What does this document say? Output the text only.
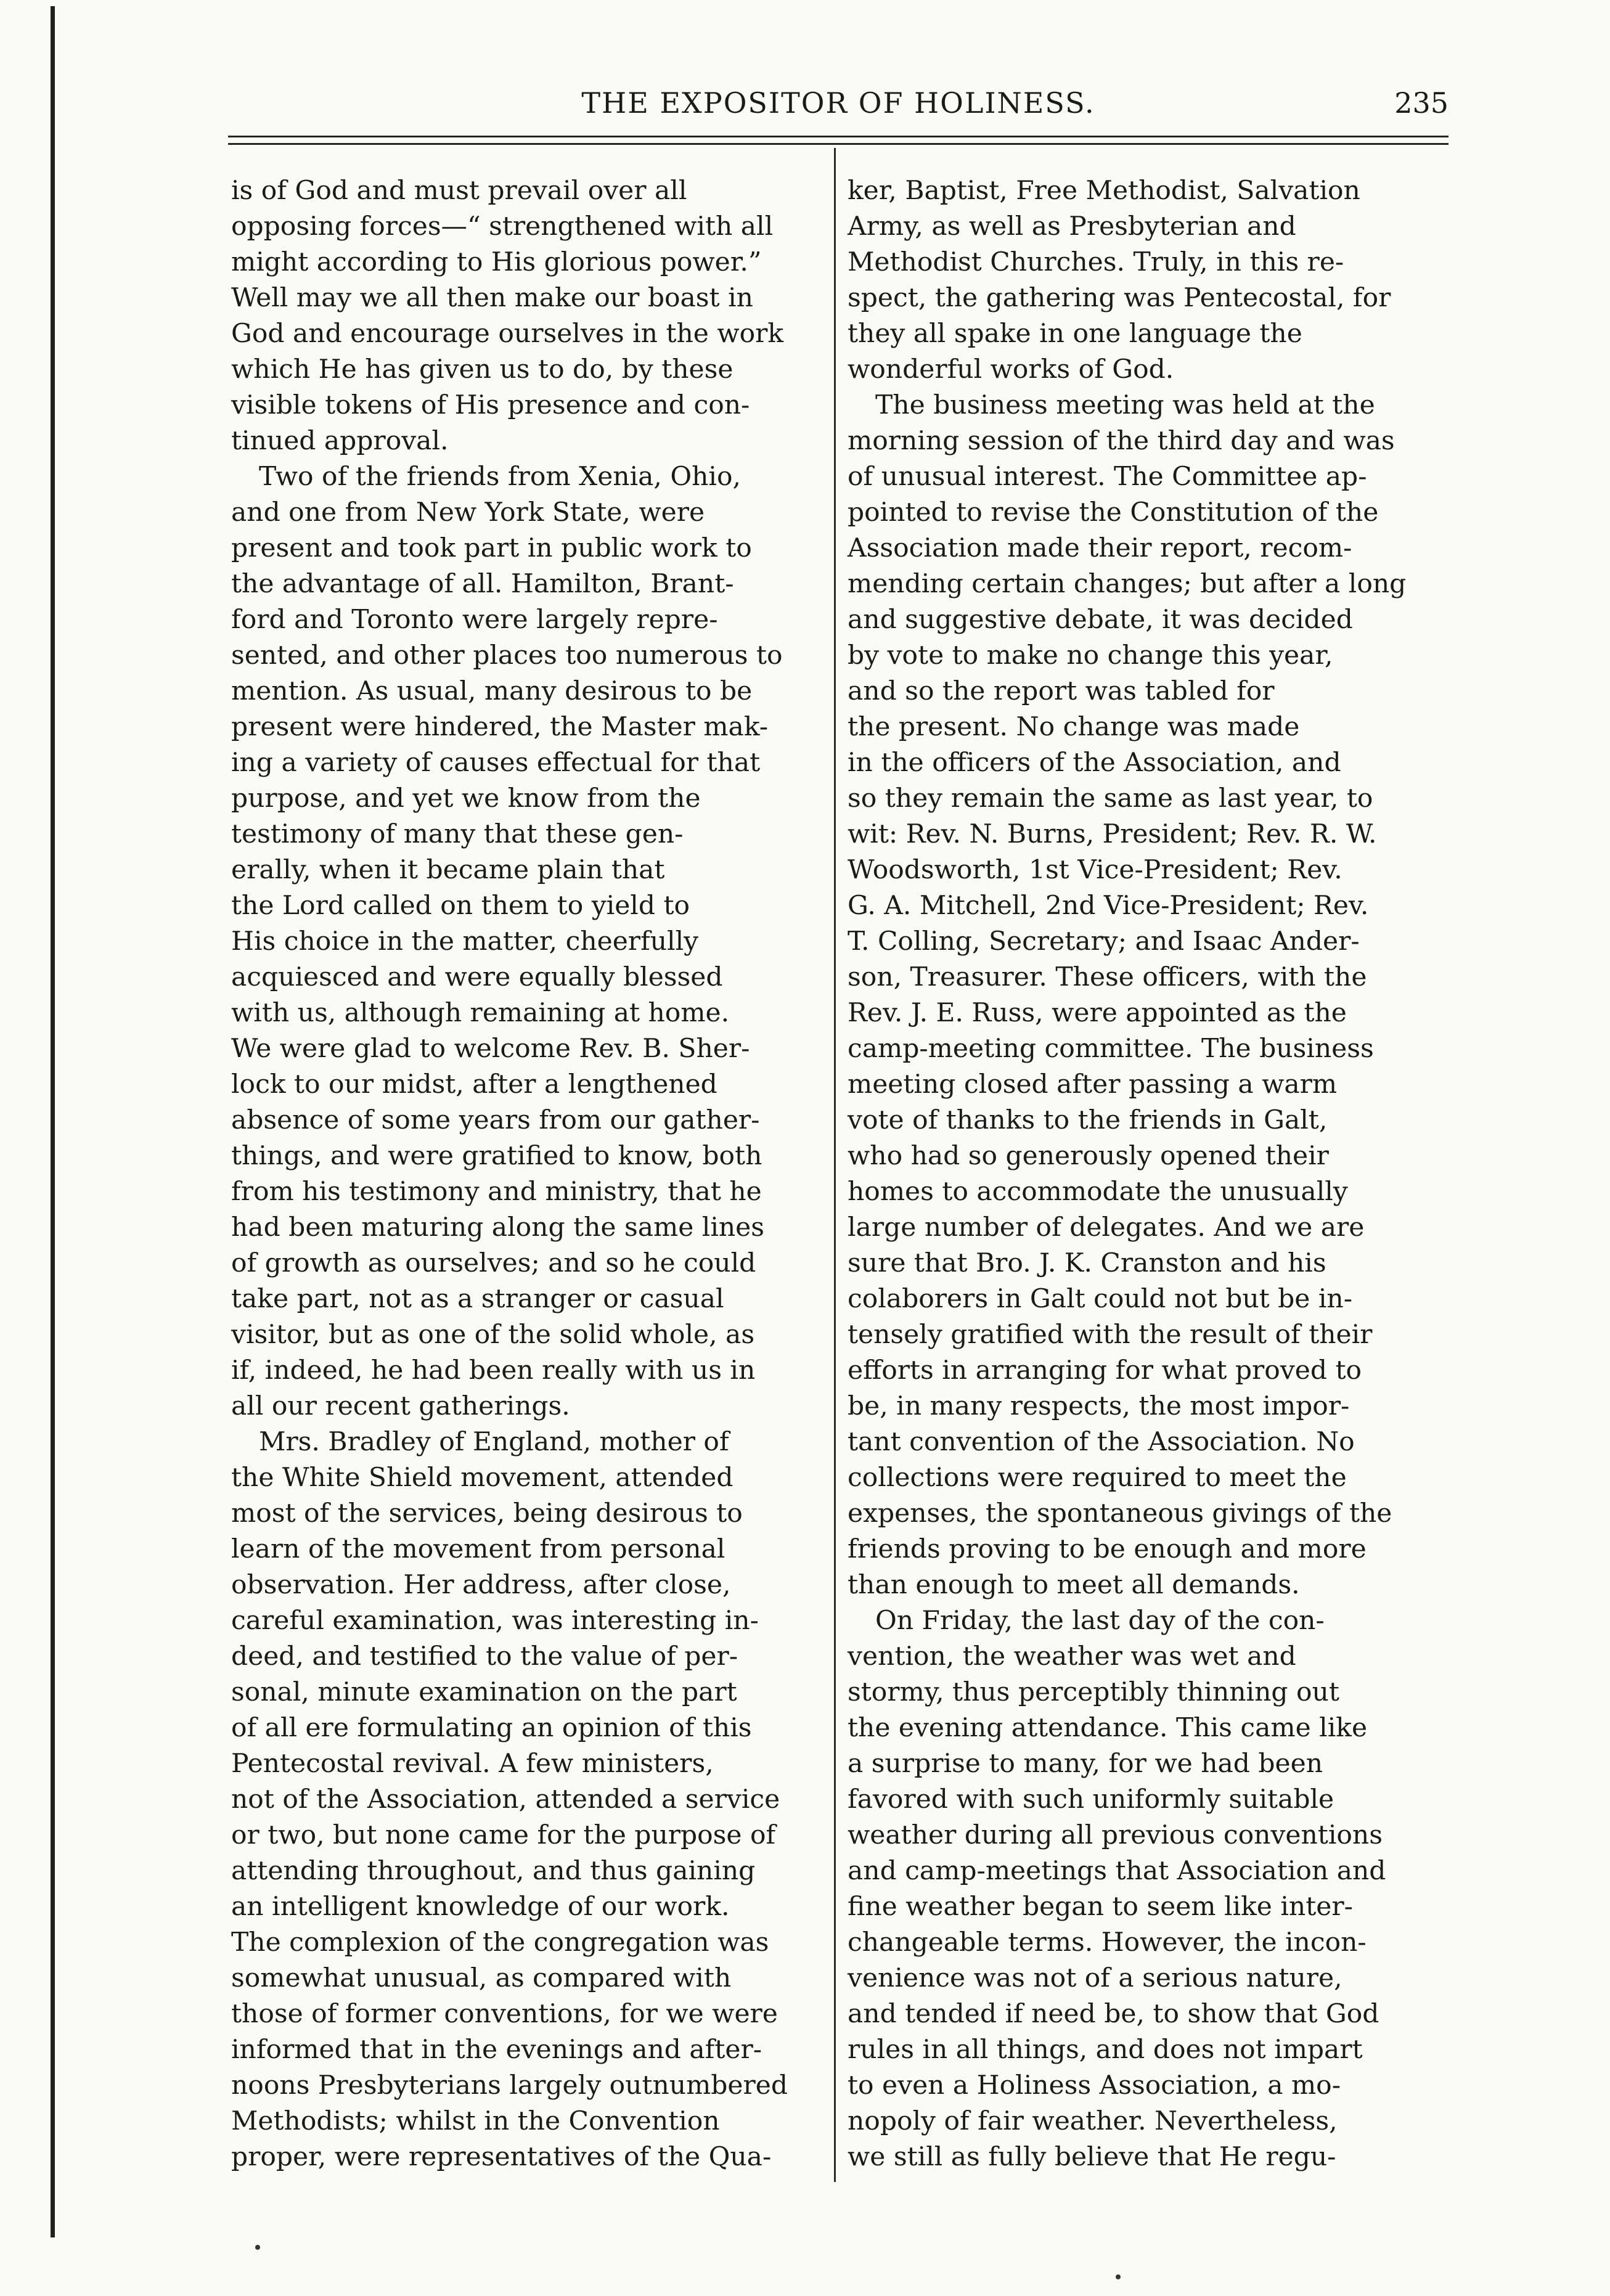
THE EXPOSITOR OF HOLINESS.	235
is of God and must prevail over all
opposing forces—“ strengthened with all
might according to His glorious power.”
Well may we all then make our boast in
God and encourage ourselves in the work
which He has given us to do, by these
visible tokens of His presence and con-
tinued approval.
Two of the friends from Xenia, Ohio,
and one from New York State, were
present and took part in public work to
the advantage of all. Hamilton, Brant-
ford and Toronto were largely repre-
sented, and other places too numerous to
mention. As usual, many desirous to be
present were hindered, the Master mak-
ing a variety of causes effectual for that
purpose, and yet we know from the
testimony of many that these gen-
erally, when it became plain that
the Lord called on them to yield to
His choice in the matter, cheerfully
acquiesced and were equally blessed
with us, although remaining at home.
We were glad to welcome Rev. B. Sher-
lock to our midst, after a lengthened
absence of some years from our gather-
things, and were gratified to know, both
from his testimony and ministry, that he
had been maturing along the same lines
of growth as ourselves; and so he could
take part, not as a stranger or casual
visitor, but as one of the solid whole, as
if, indeed, he had been really with us in
all our recent gatherings.
Mrs. Bradley of England, mother of
the White Shield movement, attended
most of the services, being desirous to
learn of the movement from personal
observation. Her address, after close,
careful examination, was interesting in-
deed, and testified to the value of per-
sonal, minute examination on the part
of all ere formulating an opinion of this
Pentecostal revival. A few ministers,
not of the Association, attended a service
or two, but none came for the purpose of
attending throughout, and thus gaining
an intelligent knowledge of our work.
The complexion of the congregation was
somewhat unusual, as compared with
those of former conventions, for we were
informed that in the evenings and after-
noons Presbyterians largely outnumbered
Methodists; whilst in the Convention
proper, were representatives of the Qua-
ker, Baptist, Free Methodist, Salvation
Army, as well as Presbyterian and
Methodist Churches. Truly, in this re-
spect, the gathering was Pentecostal, for
they all spake in one language the
wonderful works of God.
The business meeting was held at the
morning session of the third day and was
of unusual interest. The Committee ap-
pointed to revise the Constitution of the
Association made their report, recom-
mending certain changes; but after a long
and suggestive debate, it was decided
by vote to make no change this year,
and so the report was tabled for
the present. No change was made
in the officers of the Association, and
so they remain the same as last year, to
wit: Rev. N. Burns, President; Rev. R. W.
Woodsworth, 1st Vice-President; Rev.
G. A. Mitchell, 2nd Vice-President; Rev.
T. Colling, Secretary; and Isaac Ander-
son, Treasurer. These officers, with the
Rev. J. E. Russ, were appointed as the
camp-meeting committee. The business
meeting closed after passing a warm
vote of thanks to the friends in Galt,
who had so generously opened their
homes to accommodate the unusually
large number of delegates. And we are
sure that Bro. J. K. Cranston and his
colaborers in Galt could not but be in-
tensely gratified with the result of their
efforts in arranging for what proved to
be, in many respects, the most impor-
tant convention of the Association. No
collections were required to meet the
expenses, the spontaneous givings of the
friends proving to be enough and more
than enough to meet all demands.
On Friday, the last day of the con-
vention, the weather was wet and
stormy, thus perceptibly thinning out
the evening attendance. This came like
a surprise to many, for we had been
favored with such uniformly suitable
weather during all previous conventions
and camp-meetings that Association and
fine weather began to seem like inter-
changeable terms. However, the incon-
venience was not of a serious nature,
and tended if need be, to show that God
rules in all things, and does not impart
to even a Holiness Association, a mo-
nopoly of fair weather. Nevertheless,
we still as fully believe that He regu-
